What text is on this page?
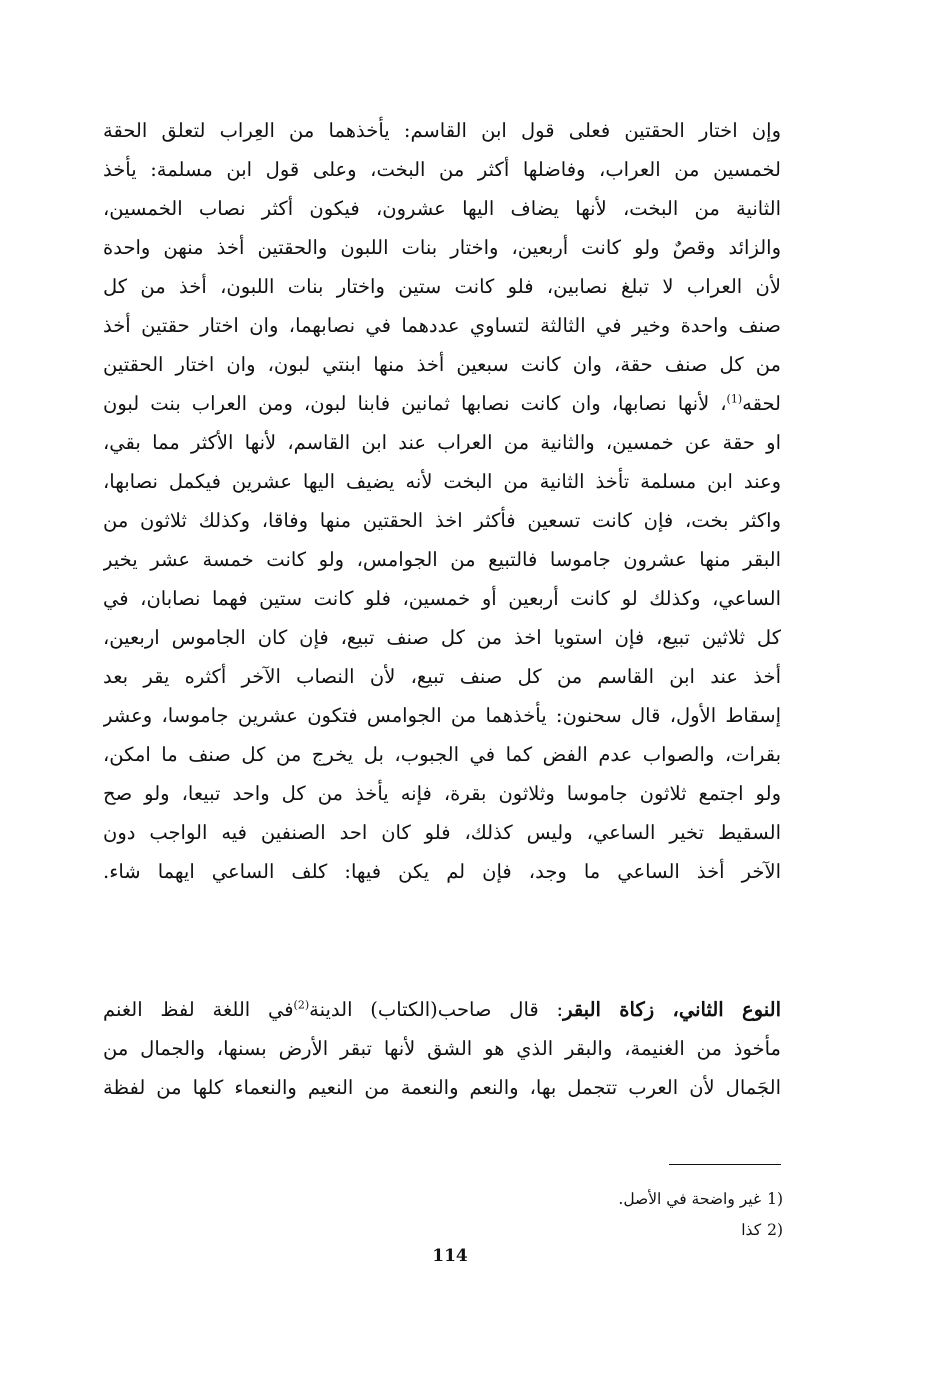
وإن اختار الحقتين فعلى قول ابن القاسم: يأخذهما من العِراب لتعلق الحقة
لخمسين من العراب، وفاضلها أكثر من البخت، وعلى قول ابن مسلمة: يأخذ
الثانية من البخت، لأنها يضاف اليها عشرون، فيكون أكثر نصاب الخمسين،
والزائد وقصٌ ولو كانت أربعين، واختار بنات اللبون والحقتين أخذ منهن واحدة
لأن العراب لا تبلغ نصابين، فلو كانت ستين واختار بنات اللبون، أخذ من كل
صنف واحدة وخير في الثالثة لتساوي عددهما في نصابهما، وان اختار حقتين أخذ
من كل صنف حقة، وان كانت سبعين أخذ منها ابنتي لبون، وان اختار الحقتين
لحقه$^{(1)}$، لأنها نصابها، وان كانت نصابها ثمانين فابنا لبون، ومن العراب بنت لبون
او حقة عن خمسين، والثانية من العراب عند ابن القاسم، لأنها الأكثر مما بقي،
وعند ابن مسلمة تأخذ الثانية من البخت لأنه يضيف اليها عشرين فيكمل نصابها،
واكثر بخت، فإن كانت تسعين فأكثر اخذ الحقتين منها وفاقا، وكذلك ثلاثون من
البقر منها عشرون جاموسا فالتبيع من الجوامس، ولو كانت خمسة عشر يخير
الساعي، وكذلك لو كانت أربعين أو خمسين، فلو كانت ستين فهما نصابان، في
كل ثلاثين تبيع، فإن استويا اخذ من كل صنف تبيع، فإن كان الجاموس اربعين،
أخذ عند ابن القاسم من كل صنف تبيع، لأن النصاب الآخر أكثره يقر بعد
إسقاط الأول، قال سحنون: يأخذهما من الجوامس فتكون عشرين جاموسا، وعشر
بقرات، والصواب عدم الفض كما في الجبوب، بل يخرج من كل صنف ما امكن،
ولو اجتمع ثلاثون جاموسا وثلاثون بقرة، فإنه يأخذ من كل واحد تبيعا، ولو صح
السقيط تخير الساعي، وليس كذلك، فلو كان احد الصنفين فيه الواجب دون
الآخر أخذ الساعي ما وجد، فإن لم يكن فيها: كلف الساعي ايهما شاء.
النوع الثاني، زكاة البقر: قال صاحب(الكتاب) الدينة$^{(2)}$في اللغة لفظ الغنم
مأخوذ من الغنيمة، والبقر الذي هو الشق لأنها تبقر الأرض بسنها، والجمال من
الجَمال لأن العرب تتجمل بها، والنعم والنعمة من النعيم والنعماء كلها من لفظة
1)غير واضحة في الأصل.
2)كذا
114
